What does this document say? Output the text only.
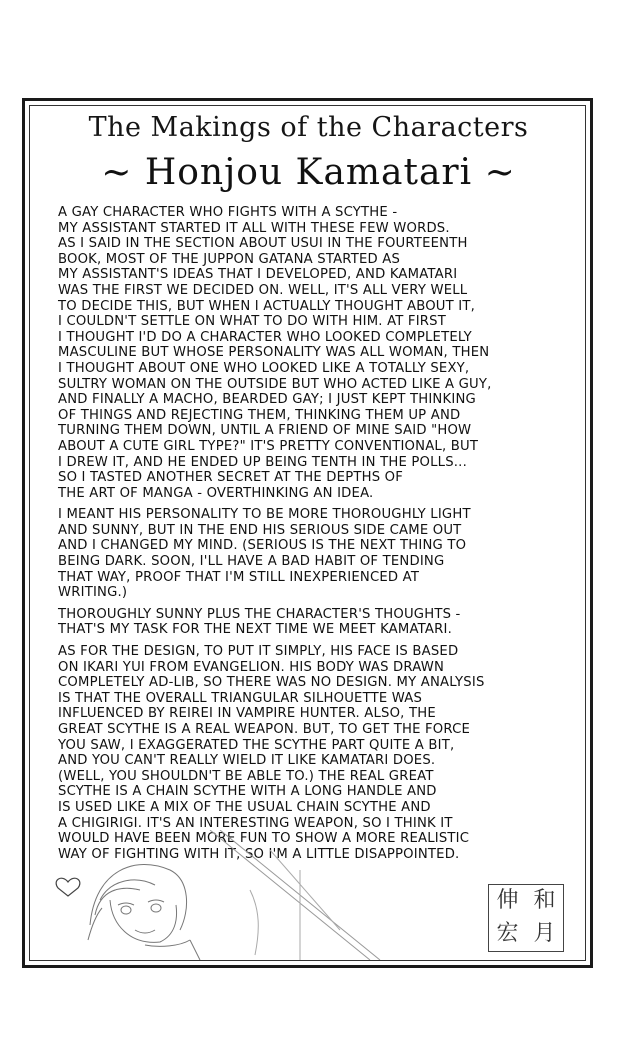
The Makings of the Characters
~ Honjou Kamatari ~
A GAY CHARACTER WHO FIGHTS WITH A SCYTHE -
MY ASSISTANT STARTED IT ALL WITH THESE FEW WORDS.
AS I SAID IN THE SECTION ABOUT USUI IN THE FOURTEENTH
BOOK, MOST OF THE JUPPON GATANA STARTED AS
MY ASSISTANT'S IDEAS THAT I DEVELOPED, AND KAMATARI
WAS THE FIRST WE DECIDED ON. WELL, IT'S ALL VERY WELL
TO DECIDE THIS, BUT WHEN I ACTUALLY THOUGHT ABOUT IT,
I COULDN'T SETTLE ON WHAT TO DO WITH HIM. AT FIRST
I THOUGHT I'D DO A CHARACTER WHO LOOKED COMPLETELY
MASCULINE BUT WHOSE PERSONALITY WAS ALL WOMAN, THEN
I THOUGHT ABOUT ONE WHO LOOKED LIKE A TOTALLY SEXY,
SULTRY WOMAN ON THE OUTSIDE BUT WHO ACTED LIKE A GUY,
AND FINALLY A MACHO, BEARDED GAY; I JUST KEPT THINKING
OF THINGS AND REJECTING THEM, THINKING THEM UP AND
TURNING THEM DOWN, UNTIL A FRIEND OF MINE SAID "HOW
ABOUT A CUTE GIRL TYPE?" IT'S PRETTY CONVENTIONAL, BUT
I DREW IT, AND HE ENDED UP BEING TENTH IN THE POLLS...
SO I TASTED ANOTHER SECRET AT THE DEPTHS OF
THE ART OF MANGA - OVERTHINKING AN IDEA.
I MEANT HIS PERSONALITY TO BE MORE THOROUGHLY LIGHT
AND SUNNY, BUT IN THE END HIS SERIOUS SIDE CAME OUT
AND I CHANGED MY MIND. (SERIOUS IS THE NEXT THING TO
BEING DARK. SOON, I'LL HAVE A BAD HABIT OF TENDING
THAT WAY, PROOF THAT I'M STILL INEXPERIENCED AT
WRITING.)
THOROUGHLY SUNNY PLUS THE CHARACTER'S THOUGHTS -
THAT'S MY TASK FOR THE NEXT TIME WE MEET KAMATARI.
AS FOR THE DESIGN, TO PUT IT SIMPLY, HIS FACE IS BASED
ON IKARI YUI FROM EVANGELION. HIS BODY WAS DRAWN
COMPLETELY AD-LIB, SO THERE WAS NO DESIGN. MY ANALYSIS
IS THAT THE OVERALL TRIANGULAR SILHOUETTE WAS
INFLUENCED BY REIREI IN VAMPIRE HUNTER. ALSO, THE
GREAT SCYTHE IS A REAL WEAPON. BUT, TO GET THE FORCE
YOU SAW, I EXAGGERATED THE SCYTHE PART QUITE A BIT,
AND YOU CAN'T REALLY WIELD IT LIKE KAMATARI DOES.
(WELL, YOU SHOULDN'T BE ABLE TO.) THE REAL GREAT
SCYTHE IS A CHAIN SCYTHE WITH A LONG HANDLE AND
IS USED LIKE A MIX OF THE USUAL CHAIN SCYTHE AND
A CHIGIRIGI. IT'S AN INTERESTING WEAPON, SO I THINK IT
WOULD HAVE BEEN MORE FUN TO SHOW A MORE REALISTIC
WAY OF FIGHTING WITH IT, SO I'M A LITTLE DISAPPOINTED.
伸 和
宏 月
